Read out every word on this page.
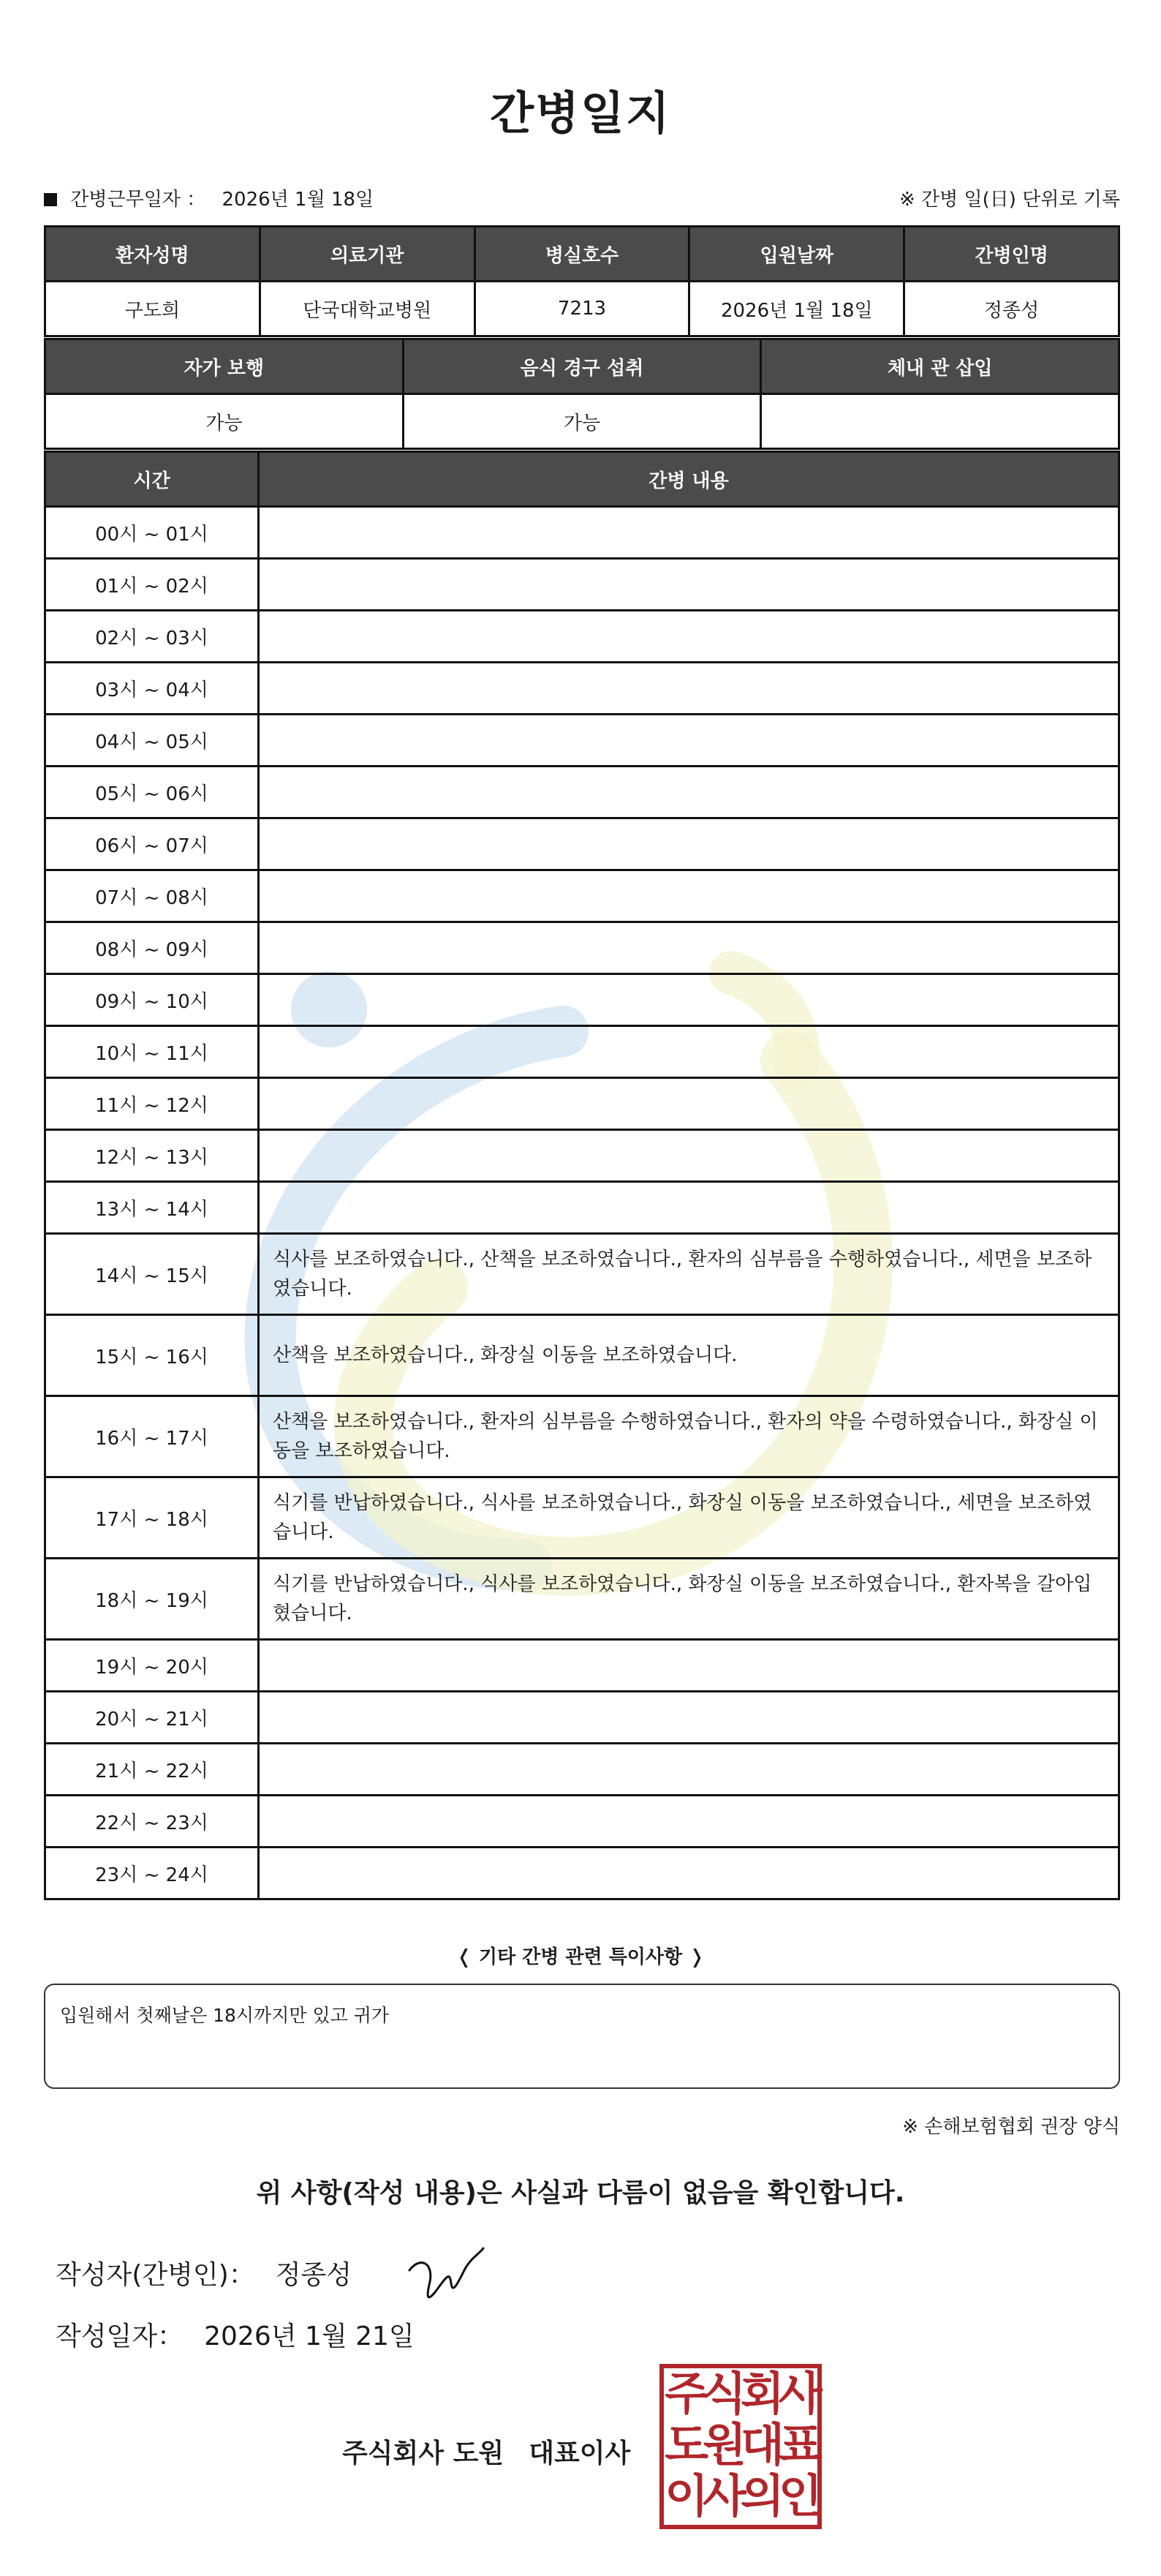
간병일지
간병근무일자 ： 2026년 1월 18일	※ 간병 일(日) 단위로 기록
환자성명	의료기관	병실호수	입원날짜	간병인명
구도희	단국대학교병원	7213	2026년 1월 18일	정종성
자가 보행	음식 경구 섭취	체내 관 삽입
가능	가능	
시간	간병 내용
00시 ~ 01시	
01시 ~ 02시	
02시 ~ 03시	
03시 ~ 04시	
04시 ~ 05시	
05시 ~ 06시	
06시 ~ 07시	
07시 ~ 08시	
08시 ~ 09시	
09시 ~ 10시	
10시 ~ 11시	
11시 ~ 12시	
12시 ~ 13시	
13시 ~ 14시	
14시 ~ 15시	식사를 보조하였습니다., 산책을 보조하였습니다., 환자의 심부름을 수행하였습니다., 세면을 보조하였습니다.
15시 ~ 16시	산책을 보조하였습니다., 화장실 이동을 보조하였습니다.
16시 ~ 17시	산책을 보조하였습니다., 환자의 심부름을 수행하였습니다., 환자의 약을 수령하였습니다., 화장실 이동을 보조하였습니다.
17시 ~ 18시	식기를 반납하였습니다., 식사를 보조하였습니다., 화장실 이동을 보조하였습니다., 세면을 보조하였습니다.
18시 ~ 19시	식기를 반납하였습니다., 식사를 보조하였습니다., 화장실 이동을 보조하였습니다., 환자복을 갈아입혔습니다.
19시 ~ 20시	
20시 ~ 21시	
21시 ~ 22시	
22시 ~ 23시	
23시 ~ 24시	
❬ 기타 간병 관련 특이사항 ❭
입원해서 첫째날은 18시까지만 있고 귀가
※ 손해보험협회 권장 양식
위 사항(작성 내용)은 사실과 다름이 없음을 확인합니다.
작성자(간병인)： 정종성
작성일자： 2026년 1월 21일
주식회사 도원 대표이사
주식회사
도원대표
이사의인
